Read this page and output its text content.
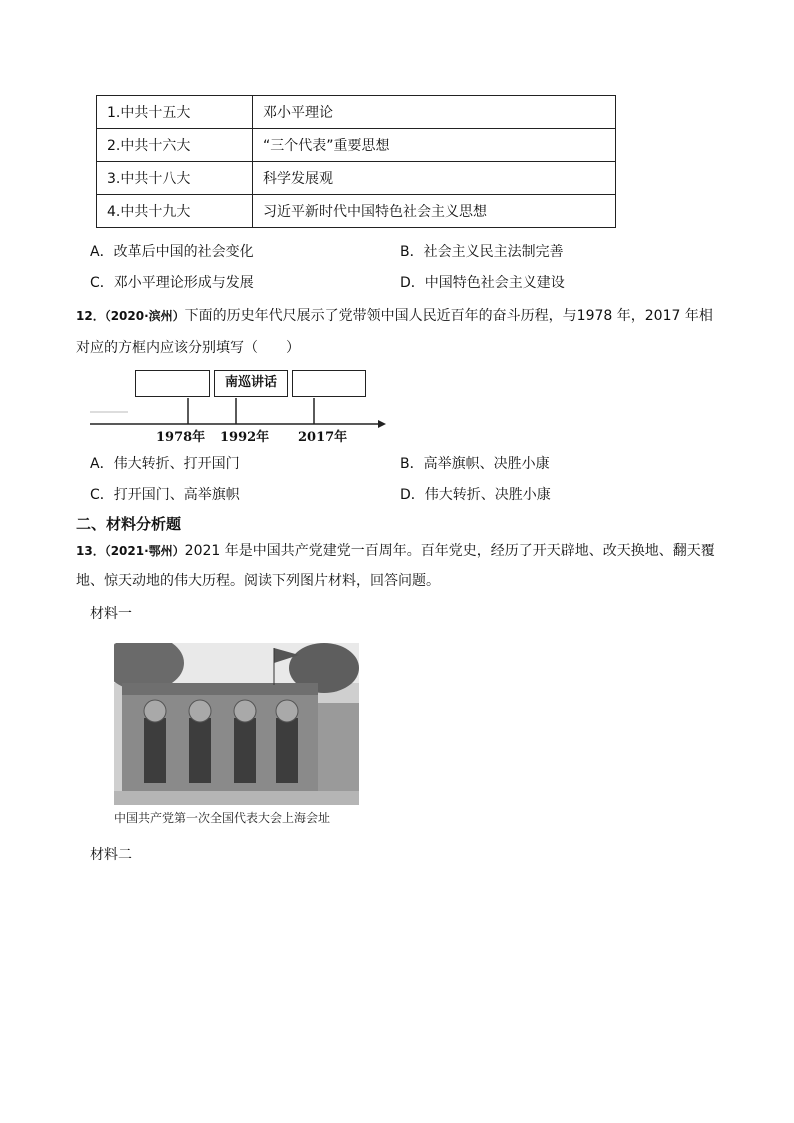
1.中共十五大	邓小平理论
2.中共十六大	“三个代表”重要思想
3.中共十八大	科学发展观
4.中共十九大	习近平新时代中国特色社会主义思想
A．改革后中国的社会变化	B．社会主义民主法制完善
C．邓小平理论形成与发展	D．中国特色社会主义建设
12．（2020·滨州）下面的历史年代尺展示了党带领中国人民近百年的奋斗历程，与1978 年，2017 年相
对应的方框内应该分别填写（　　）
南巡讲话
1978年 1992年 2017年
A．伟大转折、打开国门	B．高举旗帜、决胜小康
C．打开国门、高举旗帜	D．伟大转折、决胜小康
二、材料分析题
13．（2021·鄂州）2021 年是中国共产党建党一百周年。百年党史，经历了开天辟地、改天换地、翻天覆
地、惊天动地的伟大历程。阅读下列图片材料，回答问题。
材料一
中国共产党第一次全国代表大会上海会址
材料二
